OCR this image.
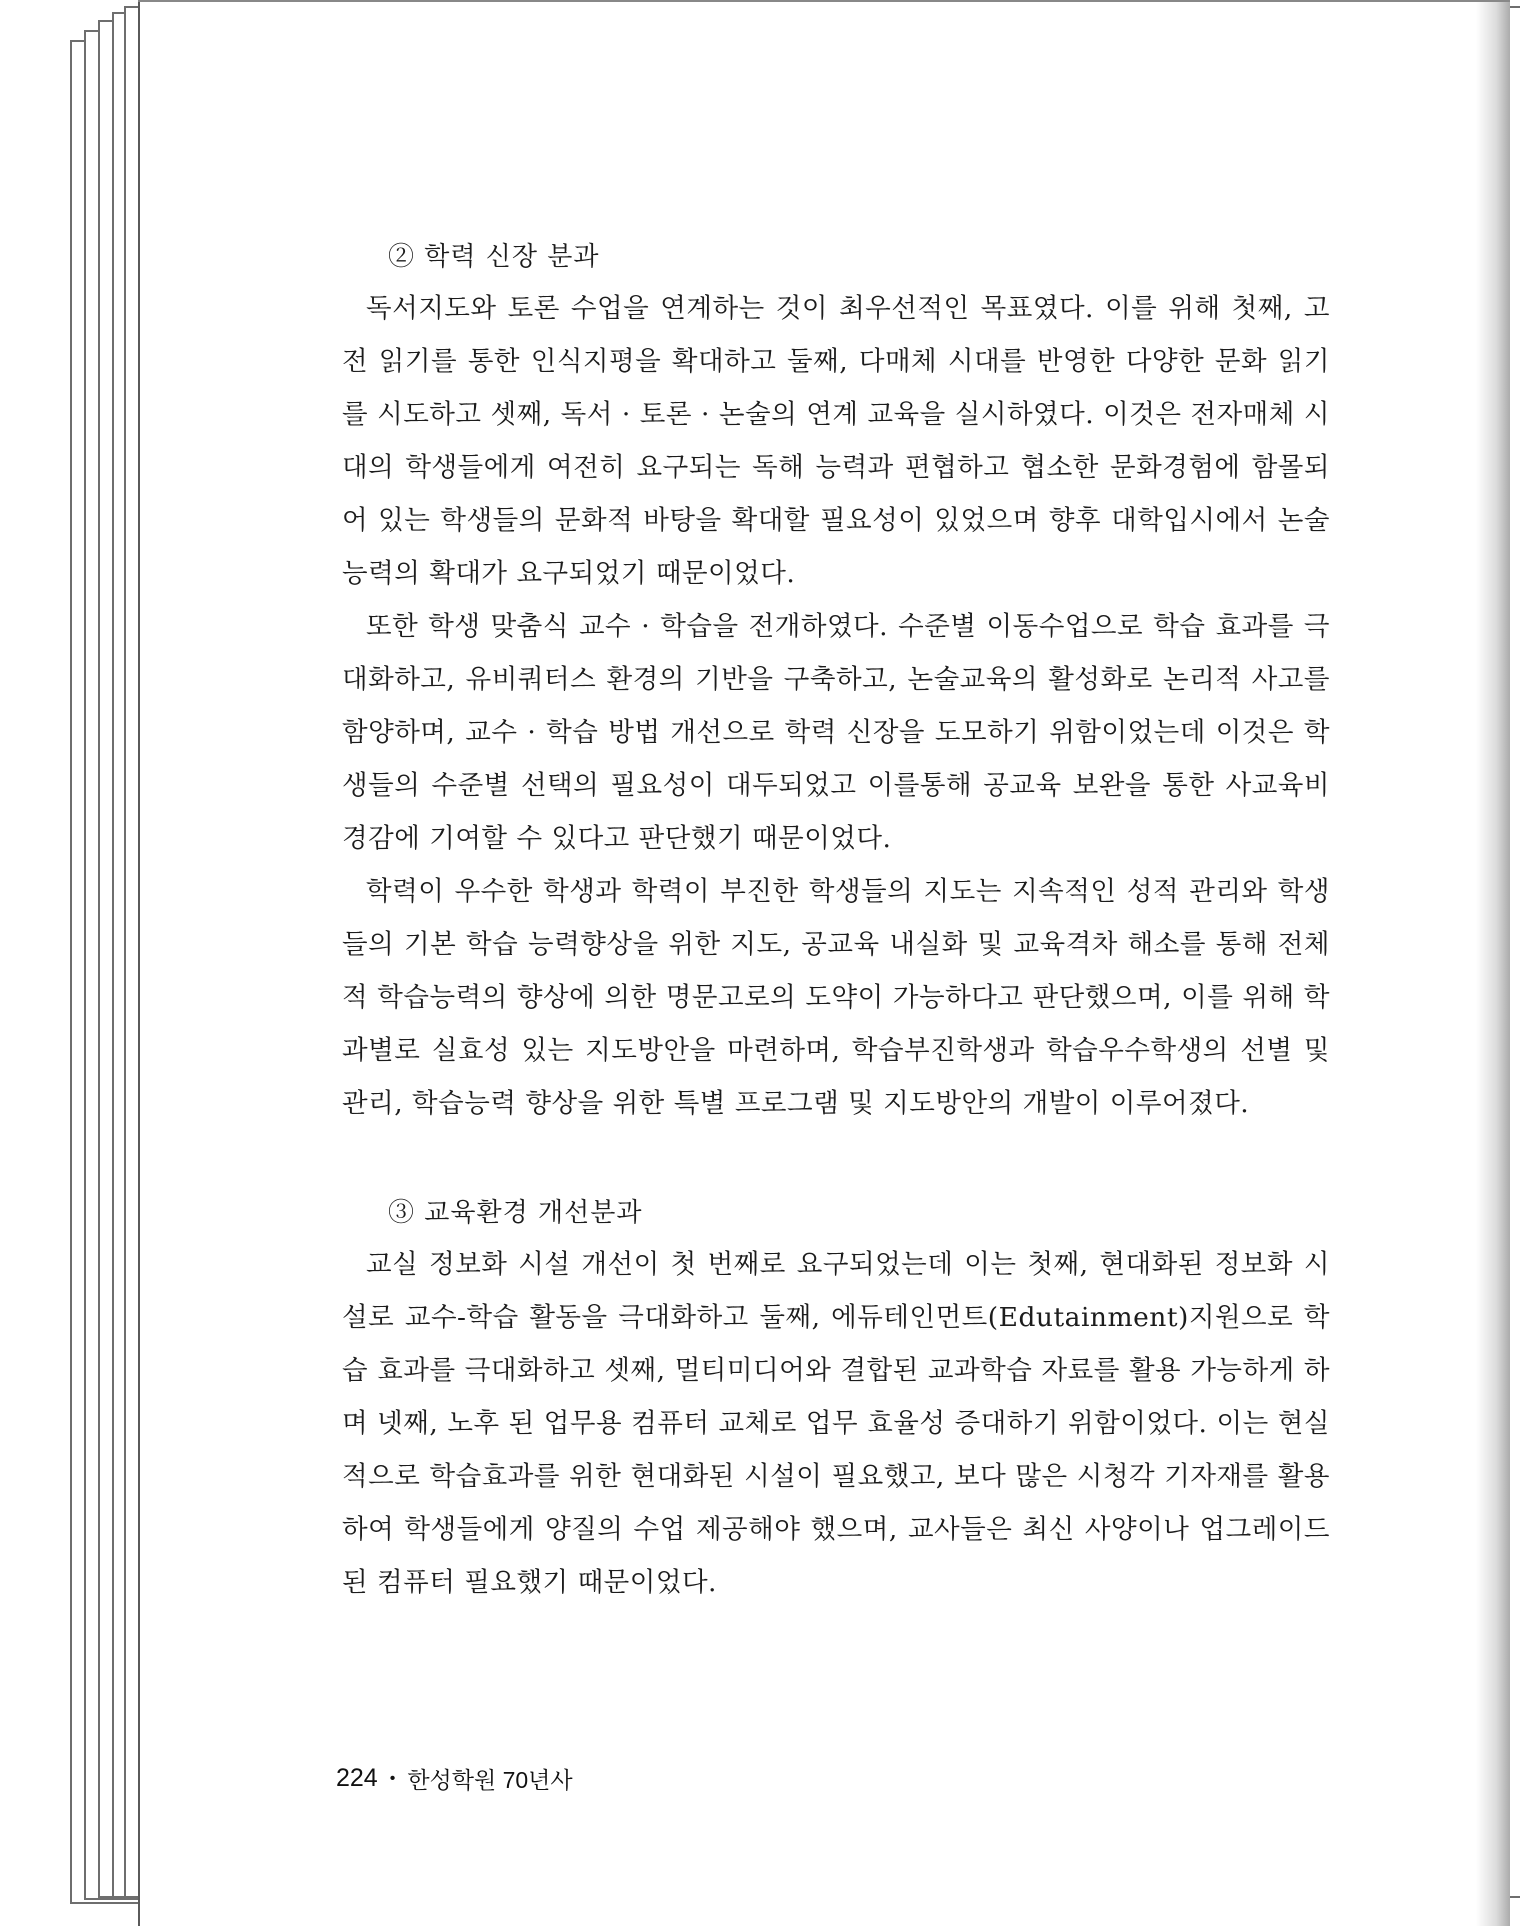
② 학력 신장 분과

독서지도와 토론 수업을 연계하는 것이 최우선적인 목표였다. 이를 위해 첫째, 고전 읽기를 통한 인식지평을 확대하고 둘째, 다매체 시대를 반영한 다양한 문화 읽기를 시도하고 셋째, 독서 · 토론 · 논술의 연계 교육을 실시하였다. 이것은 전자매체 시대의 학생들에게 여전히 요구되는 독해 능력과 편협하고 협소한 문화경험에 함몰되어 있는 학생들의 문화적 바탕을 확대할 필요성이 있었으며 향후 대학입시에서 논술 능력의 확대가 요구되었기 때문이었다.

또한 학생 맞춤식 교수 · 학습을 전개하였다. 수준별 이동수업으로 학습 효과를 극대화하고, 유비쿼터스 환경의 기반을 구축하고, 논술교육의 활성화로 논리적 사고를 함양하며, 교수 · 학습 방법 개선으로 학력 신장을 도모하기 위함이었는데 이것은 학생들의 수준별 선택의 필요성이 대두되었고 이를통해 공교육 보완을 통한 사교육비 경감에 기여할 수 있다고 판단했기 때문이었다.

학력이 우수한 학생과 학력이 부진한 학생들의 지도는 지속적인 성적 관리와 학생들의 기본 학습 능력향상을 위한 지도, 공교육 내실화 및 교육격차 해소를 통해 전체적 학습능력의 향상에 의한 명문고로의 도약이 가능하다고 판단했으며, 이를 위해 학과별로 실효성 있는 지도방안을 마련하며, 학습부진학생과 학습우수학생의 선별 및 관리, 학습능력 향상을 위한 특별 프로그램 및 지도방안의 개발이 이루어졌다.

③ 교육환경 개선분과

교실 정보화 시설 개선이 첫 번째로 요구되었는데 이는 첫째, 현대화된 정보화 시설로 교수-학습 활동을 극대화하고 둘째, 에듀테인먼트(Edutainment)지원으로 학습 효과를 극대화하고 셋째, 멀티미디어와 결합된 교과학습 자료를 활용 가능하게 하며 넷째, 노후 된 업무용 컴퓨터 교체로 업무 효율성 증대하기 위함이었다. 이는 현실적으로 학습효과를 위한 현대화된 시설이 필요했고, 보다 많은 시청각 기자재를 활용하여 학생들에게 양질의 수업 제공해야 했으며, 교사들은 최신 사양이나 업그레이드 된 컴퓨터 필요했기 때문이었다.

224 • 한성학원 70년사
